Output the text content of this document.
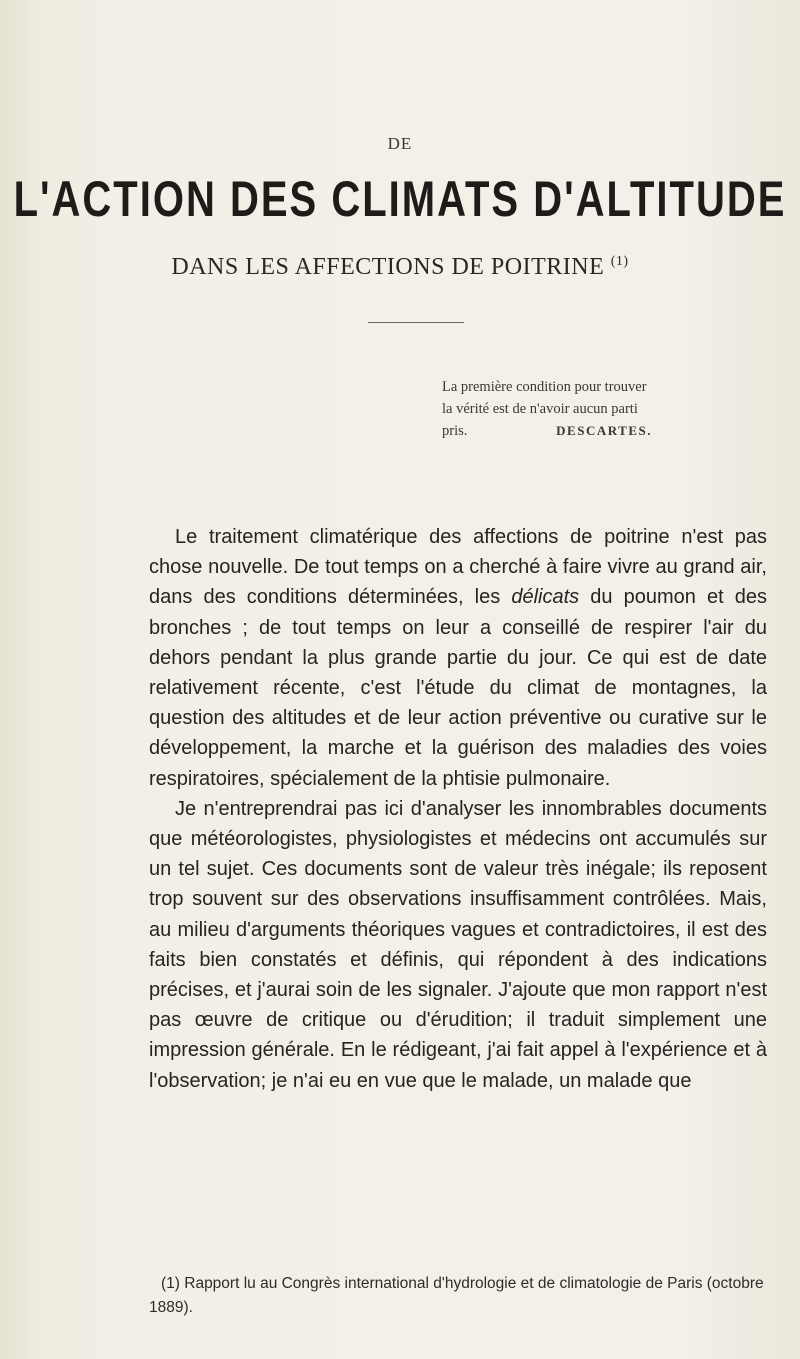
DE
L'ACTION DES CLIMATS D'ALTITUDE
DANS LES AFFECTIONS DE POITRINE $^{(1)}$
La première condition pour trouver
la vérité est de n'avoir aucun parti
pris.	DESCARTES.

Le traitement climatérique des affections de poitrine n'est pas chose nouvelle. De tout temps on a cherché à faire vivre au grand air, dans des conditions déterminées, les délicats du poumon et des bronches ; de tout temps on leur a conseillé de respirer l'air du dehors pendant la plus grande partie du jour. Ce qui est de date relativement récente, c'est l'étude du climat de montagnes, la question des altitudes et de leur action préventive ou curative sur le développement, la marche et la guérison des maladies des voies respiratoires, spécialement de la phtisie pulmonaire.

Je n'entreprendrai pas ici d'analyser les innombrables documents que météorologistes, physiologistes et médecins ont accumulés sur un tel sujet. Ces documents sont de valeur très inégale; ils reposent trop souvent sur des observations insuffisamment contrôlées. Mais, au milieu d'arguments théoriques vagues et contradictoires, il est des faits bien constatés et définis, qui répondent à des indications précises, et j'aurai soin de les signaler. J'ajoute que mon rapport n'est pas œuvre de critique ou d'érudition; il traduit simplement une impression générale. En le rédigeant, j'ai fait appel à l'expérience et à l'observation; je n'ai eu en vue que le malade, un malade que

(1) Rapport lu au Congrès international d'hydrologie et de climatologie de Paris (octobre 1889).
